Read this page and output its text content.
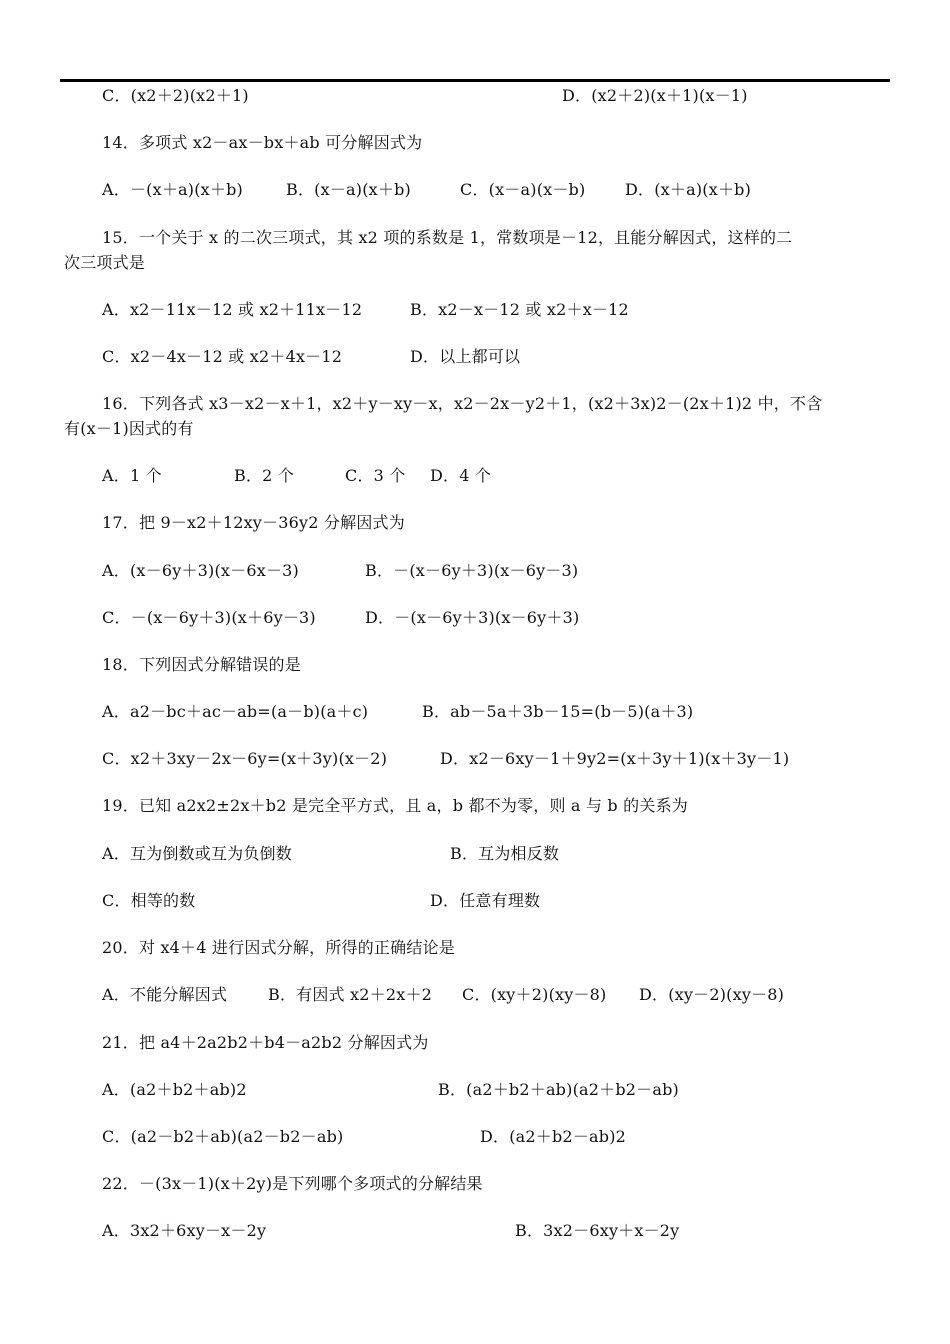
C．(x2＋2)(x2＋1)

	D．(x2＋2)(x＋1)(x－1)

14．多项式 x2－ax－bx＋ab 可分解因式为

A．－(x＋a)(x＋b)

	B．(x－a)(x＋b)

	C．(x－a)(x－b)

D．(x＋a)(x＋b)

15．一个关于 x 的二次三项式，其 x2 项的系数是 1，常数项是－12，且能分解因式，这样的二

次三项式是

A．x2－11x－12 或 x2＋11x－12

	B．x2－x－12 或 x2＋x－12

C．x2－4x－12 或 x2＋4x－12

	D．以上都可以

16．下列各式 x3－x2－x＋1，x2＋y－xy－x，x2－2x－y2＋1，(x2＋3x)2－(2x＋1)2 中，不含

有(x－1)因式的有

A．1 个

	B．2 个

	C．3 个

D．4 个

17．把 9－x2＋12xy－36y2 分解因式为

A．(x－6y＋3)(x－6x－3)

	B．－(x－6y＋3)(x－6y－3)

C．－(x－6y＋3)(x＋6y－3)

	D．－(x－6y＋3)(x－6y＋3)

18．下列因式分解错误的是

A．a2－bc＋ac－ab=(a－b)(a＋c)

	B．ab－5a＋3b－15=(b－5)(a＋3)

C．x2＋3xy－2x－6y=(x＋3y)(x－2)

	D．x2－6xy－1＋9y2=(x＋3y＋1)(x＋3y－1)

19．已知 a2x2±2x＋b2 是完全平方式，且 a，b 都不为零，则 a 与 b 的关系为

A．互为倒数或互为负倒数

	B．互为相反数

C．相等的数

	D．任意有理数

20．对 x4＋4 进行因式分解，所得的正确结论是

A．不能分解因式

	B．有因式 x2＋2x＋2

C．(xy＋2)(xy－8)

D．(xy－2)(xy－8)

21．把 a4＋2a2b2＋b4－a2b2 分解因式为

A．(a2＋b2＋ab)2

	B．(a2＋b2＋ab)(a2＋b2－ab)

C．(a2－b2＋ab)(a2－b2－ab)

	D．(a2＋b2－ab)2

22．－(3x－1)(x＋2y)是下列哪个多项式的分解结果

A．3x2＋6xy－x－2y

	B．3x2－6xy＋x－2y
